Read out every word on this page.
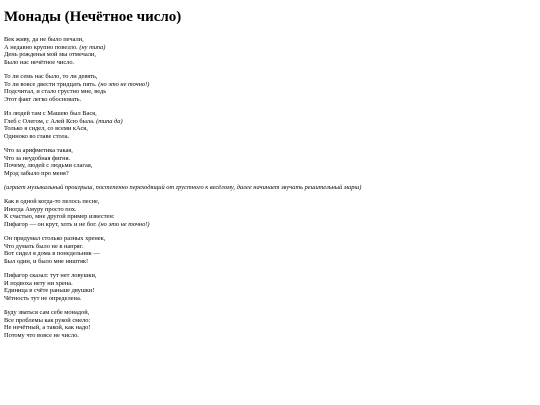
Монады (Нечётное число)
Век живу, да не было печали,
А недавно крупно повезло. (ну типа)
День рожденья мой мы отмечали,
Было нас нечётное число.
То ли семь нас было, то ли девять,
То ли вовсе двести тридцать пять. (но это не точно!)
Подсчитал, и стало грустно мне, ведь
Этот факт легко обосновать.
Из людей там с Машею был Вася,
Глеб с Олегом, с Алей Ксю была. (типа да)
Только я сидел, со всеми кАся,
Одиноко во главе стола.
Что за арифметика такая,
Что за неудобная фигня.
Почему, людей с людьми слагая,
Мрэд забыло про меня?
(играет музыкальный проигрыш, постепенно переходящий от грустного к весёлому, далее начинает звучать решительный марш)
Как в одной когда-то пелось песне,
Иногда Амуру просто пох.
К счастью, мне другой пример известен:
Пифагор — он крут, хоть и не бог. (но это не точно!)
Он придумал столько разных хренек,
Что думать было не в напряг.
Вот сидел я дома в понедельник —
Был один, и было мне ништяк!
Пифагор сказал: тут нет ловушки,
И подвоха нету ни хрена.
Единица в счёте раньше двушки!
Чётность тут не определена.
Буду зваться сам себе монадой,
Все проблемы как рукой смело:
Не нечётный, а такой, как надо!
Потому что вовсе не число.
